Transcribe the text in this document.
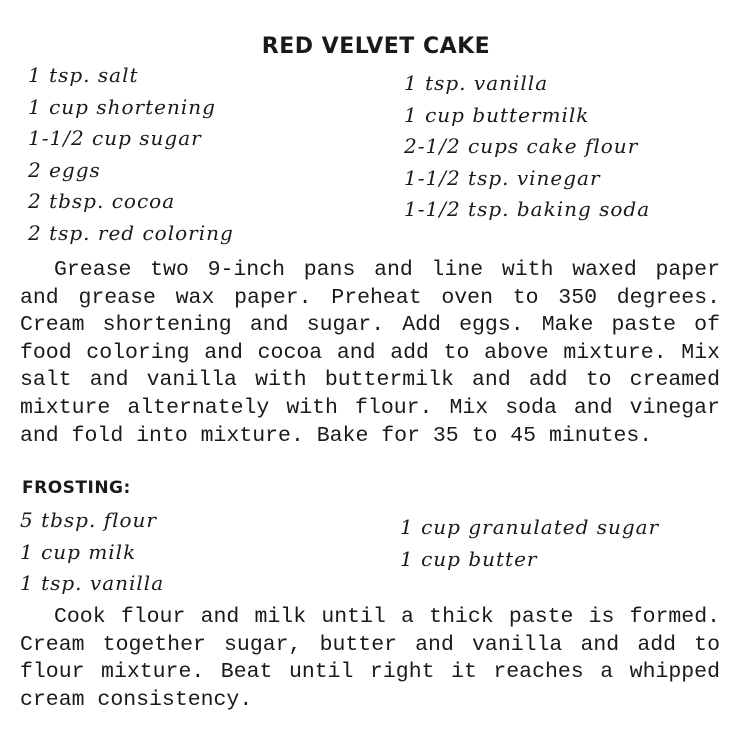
RED VELVET CAKE
1 tsp. salt
1 cup shortening
1-1/2 cup sugar
2 eggs
2 tbsp. cocoa
2 tsp. red coloring
1 tsp. vanilla
1 cup buttermilk
2-1/2 cups cake flour
1-1/2 tsp. vinegar
1-1/2 tsp. baking soda

Grease two 9-inch pans and line with waxed paper and grease wax paper. Preheat oven to 350 degrees. Cream shortening and sugar. Add eggs. Make paste of food coloring and cocoa and add to above mixture. Mix salt and vanilla with buttermilk and add to creamed mixture alternately with flour. Mix soda and vinegar and fold into mixture. Bake for 35 to 45 minutes.

FROSTING:
5 tbsp. flour
1 cup milk
1 tsp. vanilla
1 cup granulated sugar
1 cup butter

Cook flour and milk until a thick paste is formed. Cream together sugar, butter and vanilla and add to flour mixture. Beat until right it reaches a whipped cream consistency.
